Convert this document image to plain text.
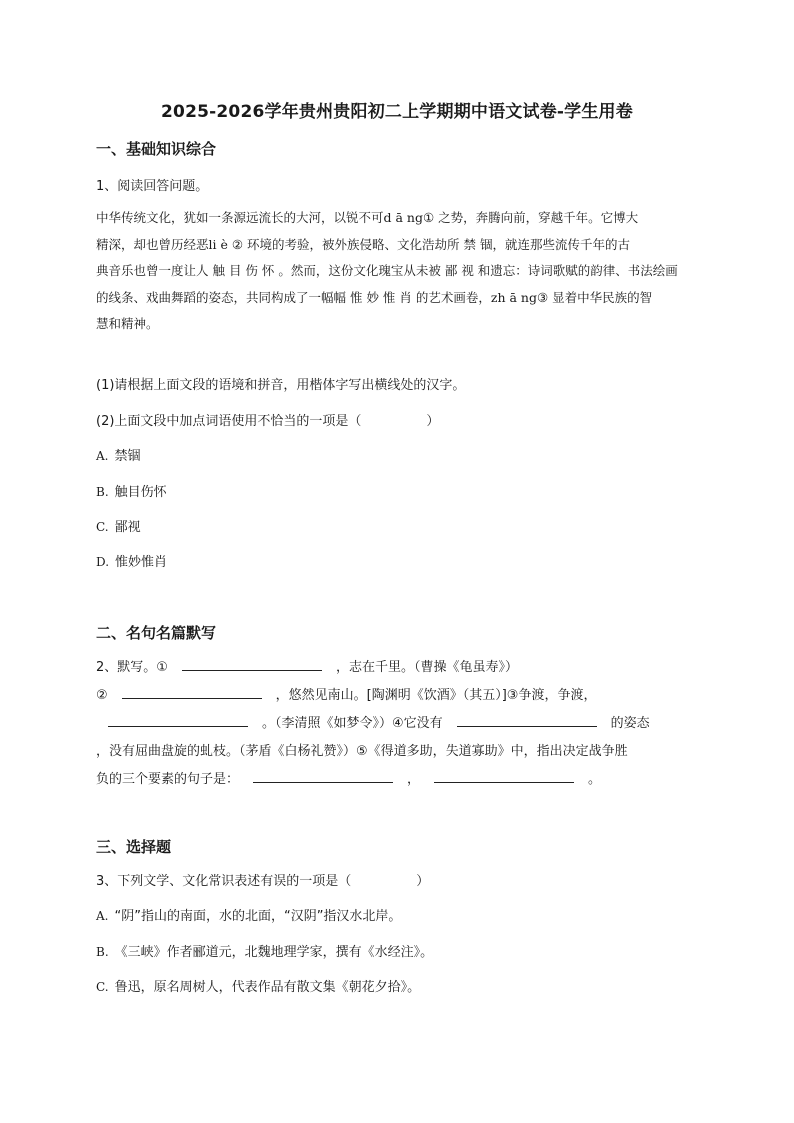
2025-2026学年贵州贵阳初二上学期期中语文试卷-学生用卷
一、基础知识综合
1、阅读回答问题。
中华传统文化，犹如一条源远流长的大河，以锐不可d ā ng① 之势，奔腾向前，穿越千年。它博大
精深，却也曾历经恶li è ② 环境的考验，被外族侵略、文化浩劫所 禁 锢，就连那些流传千年的古
典音乐也曾一度让人 触 目 伤 怀 。然而，这份文化瑰宝从未被 鄙 视 和遗忘：诗词歌赋的韵律、书法绘画
的线条、戏曲舞蹈的姿态，共同构成了一幅幅 惟 妙 惟 肖 的艺术画卷，zh ā ng③ 显着中华民族的智
慧和精神。
(1)请根据上面文段的语境和拼音，用楷体字写出横线处的汉字。
(2)上面文段中加点词语使用不恰当的一项是（　　　　　）
A. 禁锢
B. 触目伤怀
C. 鄙视
D. 惟妙惟肖
二、名句名篇默写
2、默写。①	，志在千里。（曹操《龟虽寿》）
②	，悠然见南山。[陶渊明《饮酒》（其五）]③争渡，争渡，
。（李清照《如梦令》）④它没有	的姿态
，没有屈曲盘旋的虬枝。（茅盾《白杨礼赞》）⑤《得道多助，失道寡助》中，指出决定战争胜
负的三个要素的句子是：	，	。
三、选择题
3、下列文学、文化常识表述有误的一项是（　　　　　）
A. “阴”指山的南面，水的北面，“汉阴”指汉水北岸。
B. 《三峡》作者郦道元，北魏地理学家，撰有《水经注》。
C. 鲁迅，原名周树人，代表作品有散文集《朝花夕拾》。
